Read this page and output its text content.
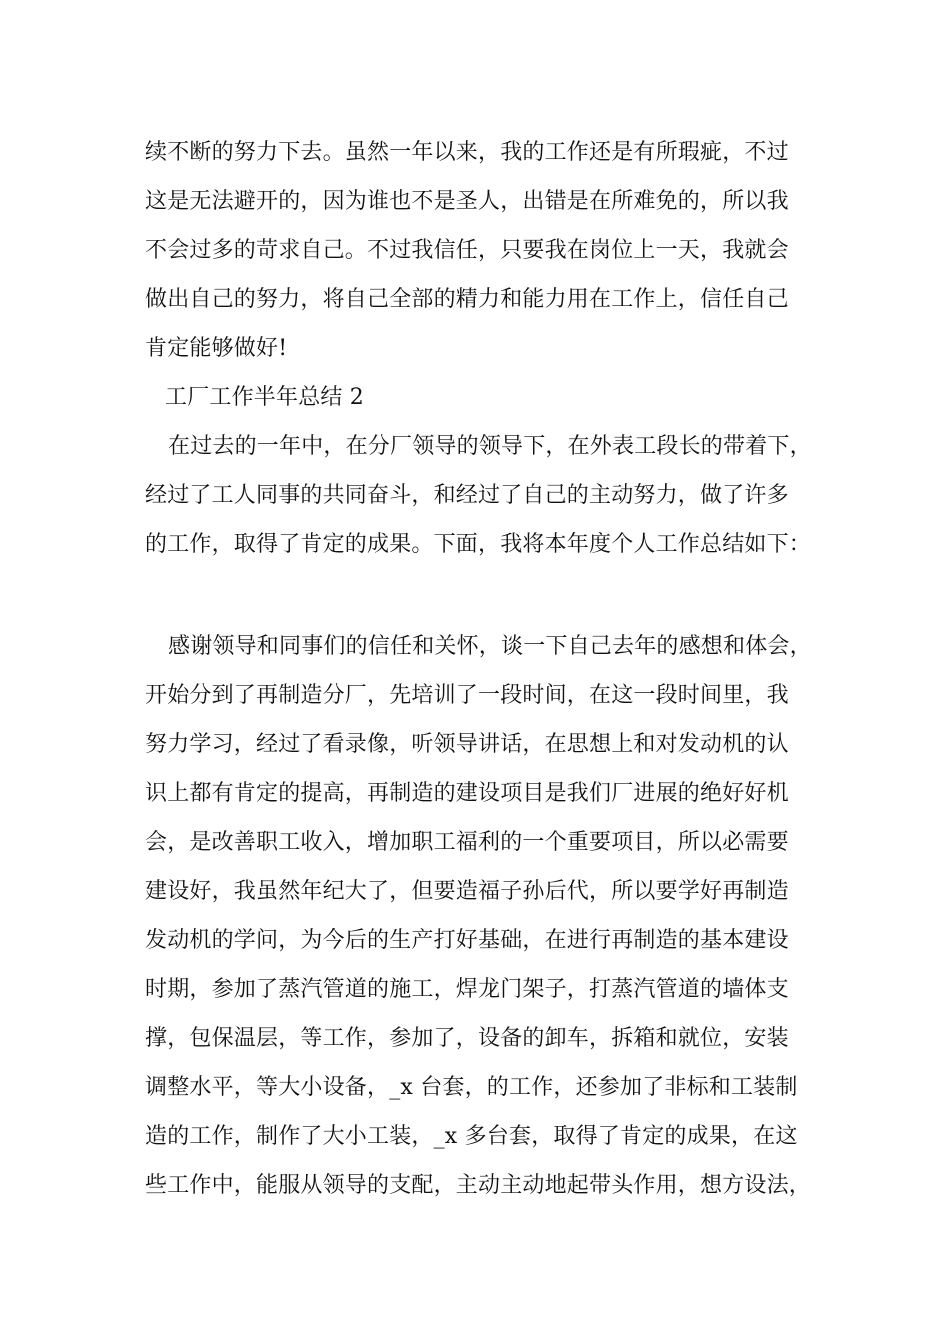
续不断的努力下去。虽然一年以来，我的工作还是有所瑕疵，不过
这是无法避开的，因为谁也不是圣人，出错是在所难免的，所以我
不会过多的苛求自己。不过我信任，只要我在岗位上一天，我就会
做出自己的努力，将自己全部的精力和能力用在工作上，信任自己
肯定能够做好!
工厂工作半年总结 2
在过去的一年中，在分厂领导的领导下，在外表工段长的带着下，
经过了工人同事的共同奋斗，和经过了自己的主动努力，做了许多
的工作，取得了肯定的成果。下面，我将本年度个人工作总结如下：
感谢领导和同事们的信任和关怀，谈一下自己去年的感想和体会，
开始分到了再制造分厂，先培训了一段时间，在这一段时间里，我
努力学习，经过了看录像，听领导讲话，在思想上和对发动机的认
识上都有肯定的提高，再制造的建设项目是我们厂进展的绝好好机
会，是改善职工收入，增加职工福利的一个重要项目，所以必需要
建设好，我虽然年纪大了，但要造福子孙后代，所以要学好再制造
发动机的学问，为今后的生产打好基础，在进行再制造的基本建设
时期，参加了蒸汽管道的施工，焊龙门架子，打蒸汽管道的墙体支
撑，包保温层，等工作，参加了，设备的卸车，拆箱和就位，安装
调整水平，等大小设备，_x 台套，的工作，还参加了非标和工装制
造的工作，制作了大小工装，_x 多台套，取得了肯定的成果，在这
些工作中，能服从领导的支配，主动主动地起带头作用，想方设法，
